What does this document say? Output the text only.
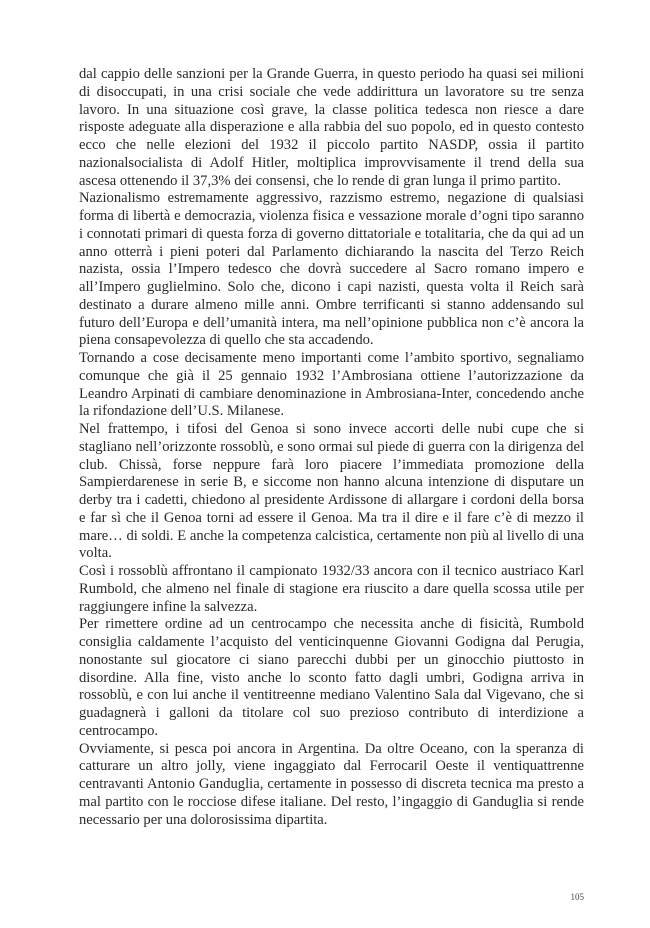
dal cappio delle sanzioni per la Grande Guerra, in questo periodo ha quasi sei milioni di disoccupati, in una crisi sociale che vede addirittura un lavoratore su tre senza lavoro. In una situazione così grave, la classe politica tedesca non riesce a dare risposte adeguate alla disperazione e alla rabbia del suo popolo, ed in questo contesto ecco che nelle elezioni del 1932 il piccolo partito NASDP, ossia il partito nazionalsocialista di Adolf Hitler, moltiplica improvvisamente il trend della sua ascesa ottenendo il 37,3% dei consensi, che lo rende di gran lunga il primo partito.

Nazionalismo estremamente aggressivo, razzismo estremo, negazione di qualsiasi forma di libertà e democrazia, violenza fisica e vessazione morale d’ogni tipo saranno i connotati primari di questa forza di governo dittatoriale e totalitaria, che da qui ad un anno otterrà i pieni poteri dal Parlamento dichiarando la nascita del Terzo Reich nazista, ossia l’Impero tedesco che dovrà succedere al Sacro romano impero e all’Impero guglielmino. Solo che, dicono i capi nazisti, questa volta il Reich sarà destinato a durare almeno mille anni. Ombre terrificanti si stanno addensando sul futuro dell’Europa e dell’umanità intera, ma nell’opinione pubblica non c’è ancora la piena consapevolezza di quello che sta accadendo.

Tornando a cose decisamente meno importanti come l’ambito sportivo, segnaliamo comunque che già il 25 gennaio 1932 l’Ambrosiana ottiene l’autorizzazione da Leandro Arpinati di cambiare denominazione in Ambrosiana-Inter, concedendo anche la rifondazione dell’U.S. Milanese.

Nel frattempo, i tifosi del Genoa si sono invece accorti delle nubi cupe che si stagliano nell’orizzonte rossoblù, e sono ormai sul piede di guerra con la dirigenza del club. Chissà, forse neppure farà loro piacere l’immediata promozione della Sampierdarenese in serie B, e siccome non hanno alcuna intenzione di disputare un derby tra i cadetti, chiedono al presidente Ardissone di allargare i cordoni della borsa e far sì che il Genoa torni ad essere il Genoa. Ma tra il dire e il fare c’è di mezzo il mare… di soldi. E anche la competenza calcistica, certamente non più al livello di una volta.

Così i rossoblù affrontano il campionato 1932/33 ancora con il tecnico austriaco Karl Rumbold, che almeno nel finale di stagione era riuscito a dare quella scossa utile per raggiungere infine la salvezza.

Per rimettere ordine ad un centrocampo che necessita anche di fisicità, Rumbold consiglia caldamente l’acquisto del venticinquenne Giovanni Godigna dal Perugia, nonostante sul giocatore ci siano parecchi dubbi per un ginocchio piuttosto in disordine. Alla fine, visto anche lo sconto fatto dagli umbri, Godigna arriva in rossoblù, e con lui anche il ventitreenne mediano Valentino Sala dal Vigevano, che si guadagnerà i galloni da titolare col suo prezioso contributo di interdizione a centrocampo.

Ovviamente, si pesca poi ancora in Argentina. Da oltre Oceano, con la speranza di catturare un altro jolly, viene ingaggiato dal Ferrocaril Oeste il ventiquattrenne centravanti Antonio Ganduglia, certamente in possesso di discreta tecnica ma presto a mal partito con le rocciose difese italiane. Del resto, l’ingaggio di Ganduglia si rende necessario per una dolorosissima dipartita.

105
